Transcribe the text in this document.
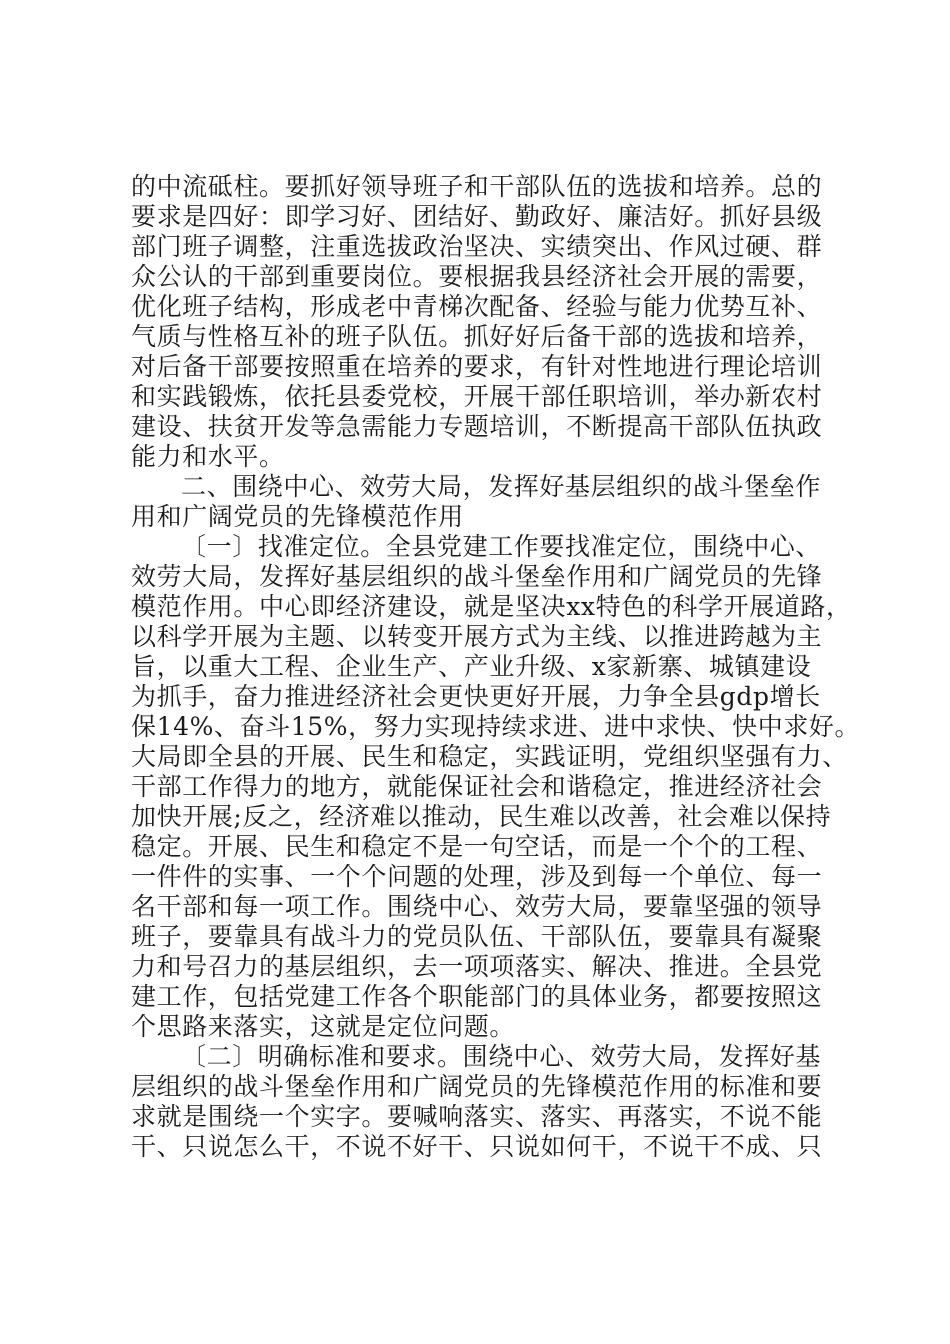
的中流砥柱。要抓好领导班子和干部队伍的选拔和培养。总的
要求是四好：即学习好、团结好、勤政好、廉洁好。抓好县级
部门班子调整，注重选拔政治坚决、实绩突出、作风过硬、群
众公认的干部到重要岗位。要根据我县经济社会开展的需要，
优化班子结构，形成老中青梯次配备、经验与能力优势互补、
气质与性格互补的班子队伍。抓好好后备干部的选拔和培养，
对后备干部要按照重在培养的要求，有针对性地进行理论培训
和实践锻炼，依托县委党校，开展干部任职培训，举办新农村
建设、扶贫开发等急需能力专题培训，不断提高干部队伍执政
能力和水平。
二、围绕中心、效劳大局，发挥好基层组织的战斗堡垒作
用和广阔党员的先锋模范作用
〔一〕找准定位。全县党建工作要找准定位，围绕中心、
效劳大局，发挥好基层组织的战斗堡垒作用和广阔党员的先锋
模范作用。中心即经济建设，就是坚决xx特色的科学开展道路，
以科学开展为主题、以转变开展方式为主线、以推进跨越为主
旨，以重大工程、企业生产、产业升级、x家新寨、城镇建设
为抓手，奋力推进经济社会更快更好开展，力争全县gdp增长
保14%、奋斗15%，努力实现持续求进、进中求快、快中求好。
大局即全县的开展、民生和稳定，实践证明，党组织坚强有力、
干部工作得力的地方，就能保证社会和谐稳定，推进经济社会
加快开展;反之，经济难以推动，民生难以改善，社会难以保持
稳定。开展、民生和稳定不是一句空话，而是一个个的工程、
一件件的实事、一个个问题的处理，涉及到每一个单位、每一
名干部和每一项工作。围绕中心、效劳大局，要靠坚强的领导
班子，要靠具有战斗力的党员队伍、干部队伍，要靠具有凝聚
力和号召力的基层组织，去一项项落实、解决、推进。全县党
建工作，包括党建工作各个职能部门的具体业务，都要按照这
个思路来落实，这就是定位问题。
〔二〕明确标准和要求。围绕中心、效劳大局，发挥好基
层组织的战斗堡垒作用和广阔党员的先锋模范作用的标准和要
求就是围绕一个实字。要喊响落实、落实、再落实，不说不能
干、只说怎么干，不说不好干、只说如何干，不说干不成、只
